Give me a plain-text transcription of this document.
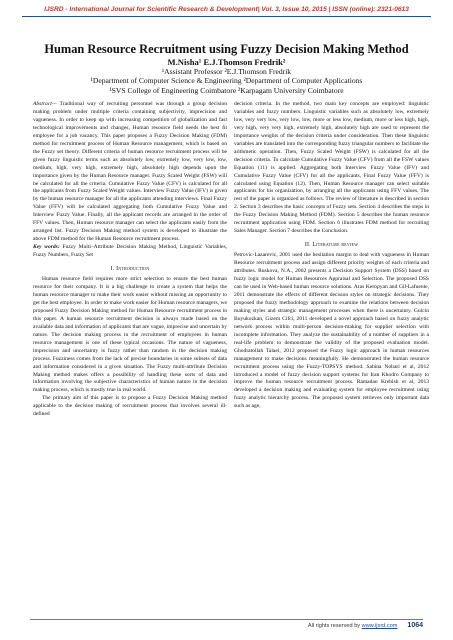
IJSRD - International Journal for Scientific Research & Development| Vol. 3, Issue 10, 2015 | ISSN (online): 2321-0613
Human Resource Recruitment using Fuzzy Decision Making Method
M.Nisha¹ E.J.Thomson Fredrik²
¹Assistant Professor ²E.J.Thomson Fredrik
¹Department of Computer Science & Engineering ²Department of Computer Applications
¹SVS College of Engineering Coimbatore ²Karpagam University Coimbatore

Abstract— Traditional way of recruiting personnel was through a group decision making problem under multiple criteria containing subjectivity, imprecision and vagueness. In order to keep up with increasing competition of globalization and fast technological improvements and changes, Human resource field needs the best fit employee for a job vacancy. This paper proposes a Fuzzy Decision Making (FDM) method for recruitment process of Human Resource management, which is based on the Fuzzy set theory. Different criteria of human resource recruitment process will be given fuzzy linguistic terms such as absolutely low, extremely low, very low, low, medium, high, very high, extremely high, absolutely high depends upon the importance given by the Human Resource manager. Fuzzy Scaled Weight (FSW) will be calculated for all the criteria. Cumulative Fuzzy Value (CFV) is calculated for all the applicants from Fuzzy Scaled Weight values. Interview Fuzzy Value (IFV) is given by the human resource manager for all the applicants attending interviews. Final Fuzzy Value (FFV) will be calculated aggregating both Cumulative Fuzzy Value and Interview Fuzzy Value. Finally, all the applicant records are arranged in the order of FFV values. Then, Human resource manager can select the applicants easily from the arranged list. Fuzzy Decision Making method system is developed to illustrate the above FDM method for the Human Resource recruitment process.

Key words: Fuzzy Multi–Attribute Decision Making Method, Linguistic Variables, Fuzzy Numbers, Fuzzy Set

I. Introduction

Human resource field requires more strict selection to ensure the best human resource for their company. It is a big challenge to create a system that helps the human resource manager to make their work easier without missing an opportunity to get the best employee. In order to make work easier for Human resource managers, we proposed Fuzzy Decision Making method for Human Resource recruitment process in this paper. A human resource recruitment decision is always made based on the available data and information of applicants that are vague, imprecise and uncertain by nature. The decision making process in the recruitment of employees in human resource management is one of these typical occasions. The nature of vagueness, imprecision and uncertainty is fuzzy rather than random in the decision making process. Fuzziness comes from the lack of precise boundaries in some subsets of data and information considered in a given situation. The Fuzzy multi-attribute Decision Making method makes offers a possibility of handling these sorts of data and information involving the subjective characteristics of human nature in the decision making process, which is mostly true in real world.

The primary aim of this paper is to propose a Fuzzy Decision Making method applicable to the decision making of recruitment process that involves several ill-defined

decision criteria. In the method, two main key concepts are employed: linguistic variables and fuzzy numbers. Linguistic variables such as absolutely low, extremely low, very very low, very low, low, more or less low, medium, more or less high, high, very high, very very high, extremely high, absolutely high are used to represent the importance weights of the decision criteria under consideration. Then these linguistic variables are translated into the corresponding fuzzy triangular numbers to facilitate the arithmetic operation. Then, Fuzzy Scaled Weight (FSW) is calculated for all the decision criteria. To calculate Cumulative Fuzzy Value (CFV) from all the FSW values Equation (11) is applied. Aggregating both Interview Fuzzy Value (IFV) and Cumulative Fuzzy Value (CFV) for all the applicants, Final Fuzzy Value (FFV) is calculated using Equation (12). Then, Human Resource manager can select suitable applicants for his organization, by arranging all the applicants using FFV values. The rest of the paper is organized as follows. The review of literature is described in section 2. Section 3 describes the basic concepts of Fuzzy sets. Section 4 describes the steps in the Fuzzy Decision Making Method (FDM). Section 5 describes the human resource recruitment application using FDM. Section 6 illustrates FDM method for recruiting Sales Manager. Section 7 describes the Conclusion.

II. Literature review

Petrovic-Lazarevic, 2001 used the hesitation margin to deal with vagueness in Human Resource recruitment process and assign different priority weights of each criteria and attributes. Ruskova, N.A., 2002 presents a Decision Support System (DSS) based on fuzzy logic model for Human Resources Appraisal and Selection. The proposed DSS can be used in Web-based human resource solutions. Aras Keropyan and Gil-Lafuente, 2011 demonstrate the effects of different decision styles on strategic decisions. They proposed the fuzzy methodology approach to examine the relations between decision making styles and strategic management processes when there is uncertainty. Gulcin Buyukozkan, Gizem Cifci, 2011 developed a novel approach based on fuzzy analytic network process within multi-person decision-making for supplier selection with incomplete information. They analyze the sustainability of a number of suppliers in a real-life problem to demonstrate the validity of the proposed evaluation model. Ghodratollah Talaei, 2012 proposed the Fuzzy logic approach in human resources management to make decisions meaningfully. He demonstrated the human resource recruitment process using the Fuzzy-TOPSYS method. Sabina Nobari et al, 2012 introduced a model of fuzzy decision support systems for Iran Khodro Company to improve the human resource recruitment process. Ramadan Krebish et al, 2013 developed a decision making and evaluating system for employee recruitment using fuzzy analytic hierarchy process. The proposed system retrieves only important data such as age,

All rights reserved by www.ijsrd.com 1064
